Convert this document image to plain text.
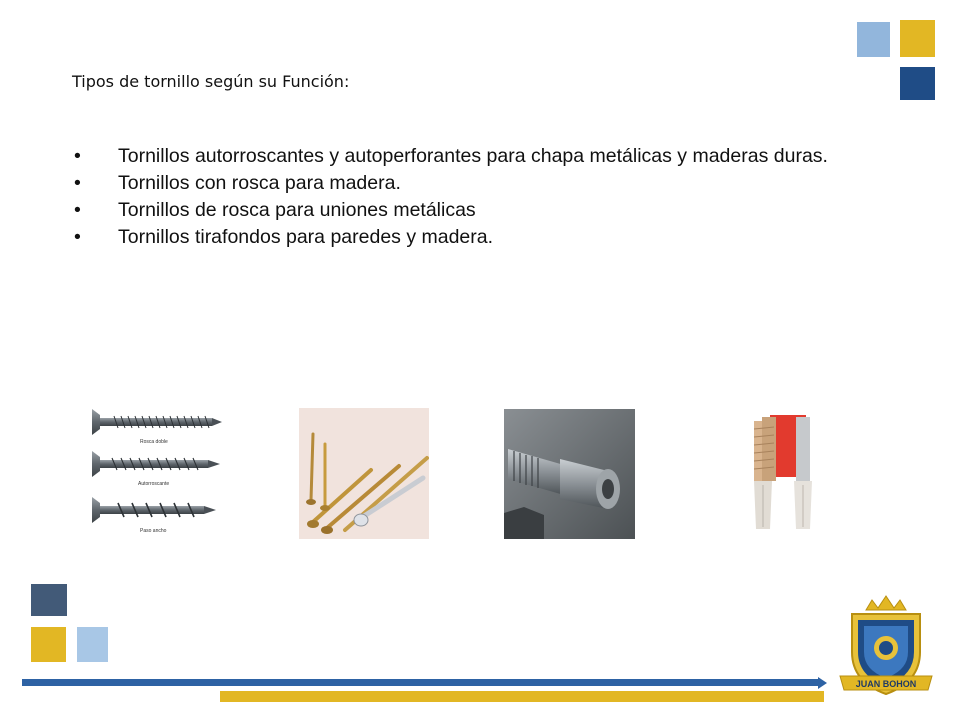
Tipos de tornillo según su Función:
• Tornillos autorroscantes y autoperforantes para chapa metálicas y maderas duras.
• Tornillos con rosca para madera.
• Tornillos de rosca para uniones metálicas
• Tornillos tirafondos para paredes y madera.
Rosca doble
Autorroscante
Paso ancho
JUAN BOHON
